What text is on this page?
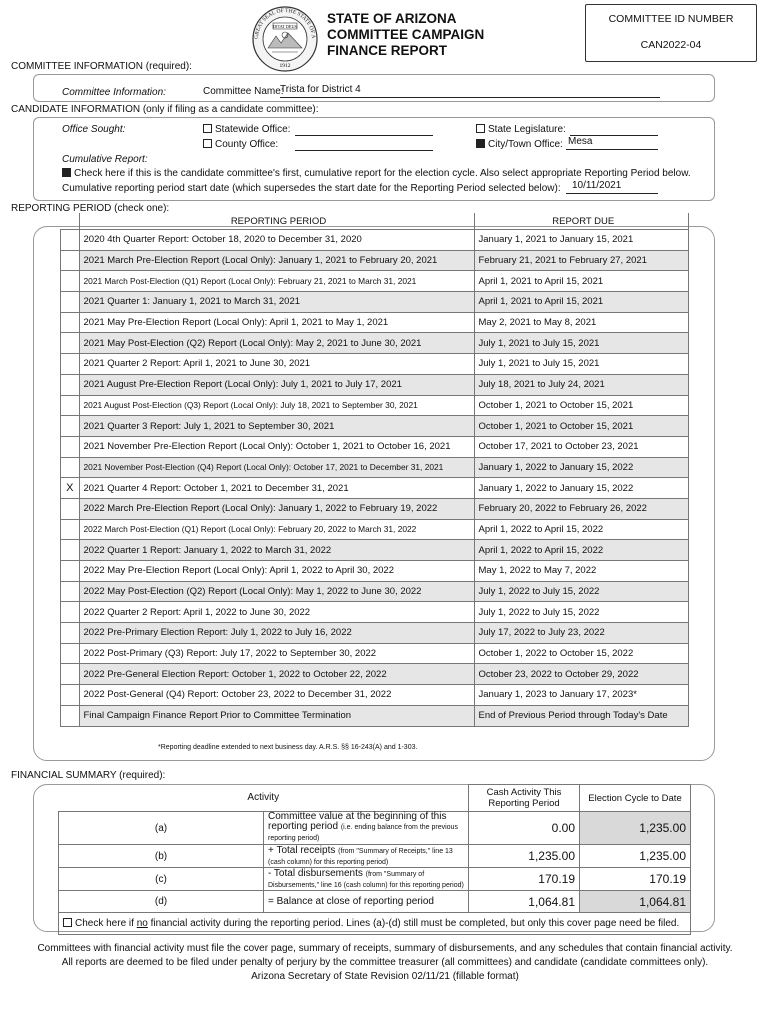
GREAT SEAL OF THE STATE OF A
DITAT DEUS
1912
STATE OF ARIZONA
COMMITTEE CAMPAIGN
FINANCE REPORT
COMMITTEE ID NUMBER
CAN2022-04
COMMITTEE INFORMATION (required):
Committee Information:	Committee Name:
Trista for District 4
CANDIDATE INFORMATION (only if filing as a candidate committee):
Office Sought:	Statewide Office:
County Office:
State Legislature:
City/Town Office: Mesa
Cumulative Report:
Check here if this is the candidate committee's first, cumulative report for the election cycle. Also select appropriate Reporting Period below.
Cumulative reporting period start date (which supersedes the start date for the Reporting Period selected below): 10/11/2021
REPORTING PERIOD (check one):
	REPORTING PERIOD	REPORT DUE
	2020 4th Quarter Report: October 18, 2020 to December 31, 2020	January 1, 2021 to January 15, 2021
	2021 March Pre-Election Report (Local Only): January 1, 2021 to February 20, 2021	February 21, 2021 to February 27, 2021
	2021 March Post-Election (Q1) Report (Local Only): February 21, 2021 to March 31, 2021	April 1, 2021 to April 15, 2021
	2021 Quarter 1: January 1, 2021 to March 31, 2021	April 1, 2021 to April 15, 2021
	2021 May Pre-Election Report (Local Only): April 1, 2021 to May 1, 2021	May 2, 2021 to May 8, 2021
	2021 May Post-Election (Q2) Report (Local Only): May 2, 2021 to June 30, 2021	July 1, 2021 to July 15, 2021
	2021 Quarter 2 Report: April 1, 2021 to June 30, 2021	July 1, 2021 to July 15, 2021
	2021 August Pre-Election Report (Local Only): July 1, 2021 to July 17, 2021	July 18, 2021 to July 24, 2021
	2021 August Post-Election (Q3) Report (Local Only): July 18, 2021 to September 30, 2021	October 1, 2021 to October 15, 2021
	2021 Quarter 3 Report: July 1, 2021 to September 30, 2021	October 1, 2021 to October 15, 2021
	2021 November Pre-Election Report (Local Only): October 1, 2021 to October 16, 2021	October 17, 2021 to October 23, 2021
	2021 November Post-Election (Q4) Report (Local Only): October 17, 2021 to December 31, 2021	January 1, 2022 to January 15, 2022
X	2021 Quarter 4 Report: October 1, 2021 to December 31, 2021	January 1, 2022 to January 15, 2022
	2022 March Pre-Election Report (Local Only): January 1, 2022 to February 19, 2022	February 20, 2022 to February 26, 2022
	2022 March Post-Election (Q1) Report (Local Only): February 20, 2022 to March 31, 2022	April 1, 2022 to April 15, 2022
	2022 Quarter 1 Report: January 1, 2022 to March 31, 2022	April 1, 2022 to April 15, 2022
	2022 May Pre-Election Report (Local Only): April 1, 2022 to April 30, 2022	May 1, 2022 to May 7, 2022
	2022 May Post-Election (Q2) Report (Local Only): May 1, 2022 to June 30, 2022	July 1, 2022 to July 15, 2022
	2022 Quarter 2 Report: April 1, 2022 to June 30, 2022	July 1, 2022 to July 15, 2022
	2022 Pre-Primary Election Report: July 1, 2022 to July 16, 2022	July 17, 2022 to July 23, 2022
	2022 Post-Primary (Q3) Report: July 17, 2022 to September 30, 2022	October 1, 2022 to October 15, 2022
	2022 Pre-General Election Report: October 1, 2022 to October 22, 2022	October 23, 2022 to October 29, 2022
	2022 Post-General (Q4) Report: October 23, 2022 to December 31, 2022	January 1, 2023 to January 17, 2023*
	Final Campaign Finance Report Prior to Committee Termination	End of Previous Period through Today's Date
*Reporting deadline extended to next business day. A.R.S. §§ 16-243(A) and 1-303.
FINANCIAL SUMMARY (required):
Activity		Cash Activity This Reporting Period	Election Cycle to Date
(a)	Committee value at the beginning of this reporting period (i.e. ending balance from the previous reporting period)	0.00	1,235.00
(b)	+ Total receipts (from "Summary of Receipts," line 13 (cash column) for this reporting period)	1,235.00	1,235.00
(c)	- Total disbursements (from "Summary of Disbursements," line 16 (cash column) for this reporting period)	170.19	170.19
(d)	= Balance at close of reporting period	1,064.81	1,064.81
Check here if no financial activity during the reporting period. Lines (a)-(d) still must be completed, but only this cover page need be filed.			
Committees with financial activity must file the cover page, summary of receipts, summary of disbursements, and any schedules that contain financial activity.
All reports are deemed to be filed under penalty of perjury by the committee treasurer (all committees) and candidate (candidate committees only).
Arizona Secretary of State Revision 02/11/21 (fillable format)
